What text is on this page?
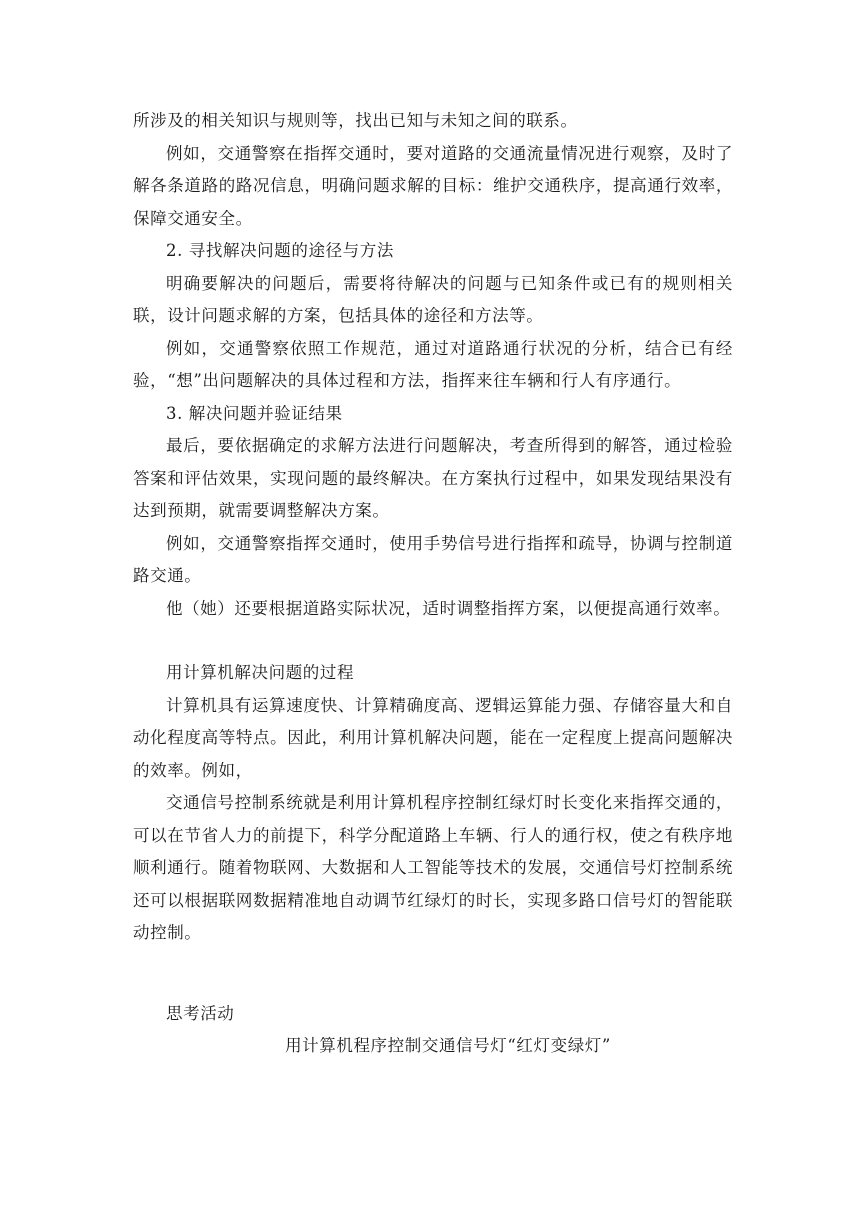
所涉及的相关知识与规则等，找出已知与未知之间的联系。

例如，交通警察在指挥交通时，要对道路的交通流量情况进行观察，及时了解各条道路的路况信息，明确问题求解的目标：维护交通秩序，提高通行效率，保障交通安全。

2. 寻找解决问题的途径与方法

明确要解决的问题后，需要将待解决的问题与已知条件或已有的规则相关联，设计问题求解的方案，包括具体的途径和方法等。

例如，交通警察依照工作规范，通过对道路通行状况的分析，结合已有经验，“想”出问题解决的具体过程和方法，指挥来往车辆和行人有序通行。

3. 解决问题并验证结果

最后，要依据确定的求解方法进行问题解决，考查所得到的解答，通过检验答案和评估效果，实现问题的最终解决。在方案执行过程中，如果发现结果没有达到预期，就需要调整解决方案。

例如，交通警察指挥交通时，使用手势信号进行指挥和疏导，协调与控制道路交通。

他（她）还要根据道路实际状况，适时调整指挥方案，以便提高通行效率。

用计算机解决问题的过程

计算机具有运算速度快、计算精确度高、逻辑运算能力强、存储容量大和自动化程度高等特点。因此，利用计算机解决问题，能在一定程度上提高问题解决的效率。例如，

交通信号控制系统就是利用计算机程序控制红绿灯时长变化来指挥交通的，可以在节省人力的前提下，科学分配道路上车辆、行人的通行权，使之有秩序地顺利通行。随着物联网、大数据和人工智能等技术的发展，交通信号灯控制系统还可以根据联网数据精准地自动调节红绿灯的时长，实现多路口信号灯的智能联动控制。

思考活动

用计算机程序控制交通信号灯“红灯变绿灯”
